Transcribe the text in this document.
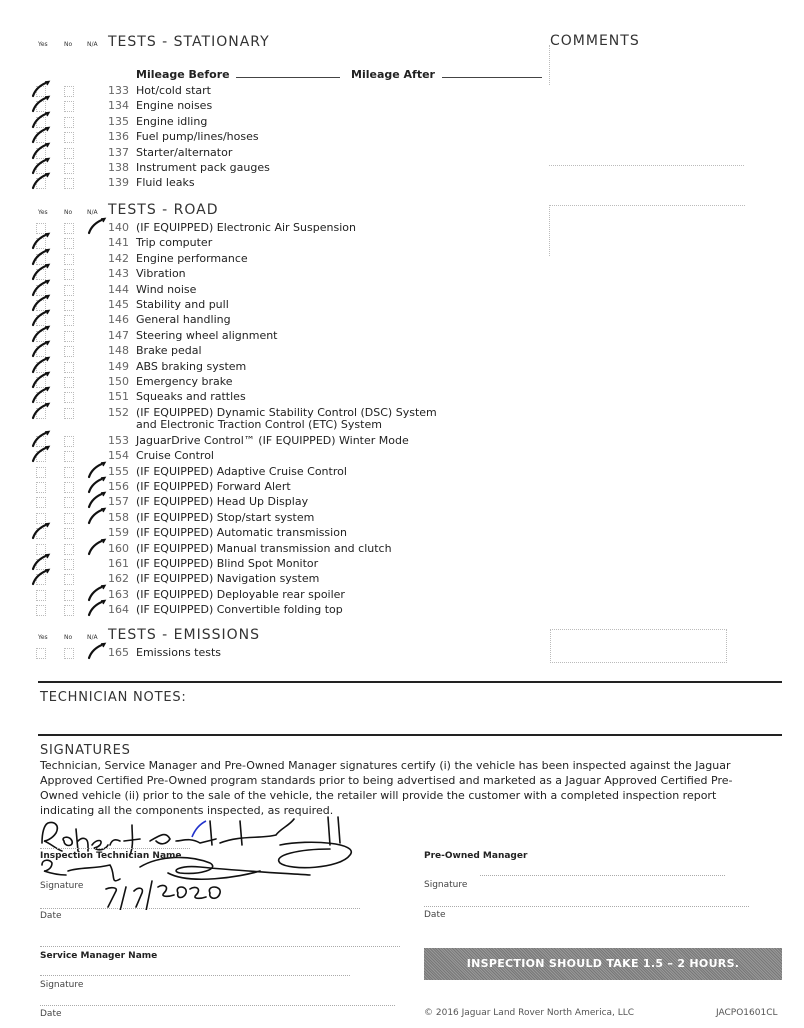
Yes	No N/A TESTS - STATIONARY	COMMENTS
Mileage Before	Mileage After
133 Hot/cold start
134 Engine noises
135 Engine idling
136 Fuel pump/lines/hoses
137 Starter/alternator
138 Instrument pack gauges
139 Fluid leaks
Yes	No N/A TESTS - ROAD
140 (IF EQUIPPED) Electronic Air Suspension
141 Trip computer
142 Engine performance
143 Vibration
144 Wind noise
145 Stability and pull
146 General handling
147 Steering wheel alignment
148 Brake pedal
149 ABS braking system
150 Emergency brake
151 Squeaks and rattles
152 (IF EQUIPPED) Dynamic Stability Control (DSC) System
and Electronic Traction Control (ETC) System
153 JaguarDrive Control™ (IF EQUIPPED) Winter Mode
154 Cruise Control
155 (IF EQUIPPED) Adaptive Cruise Control
156 (IF EQUIPPED) Forward Alert
157 (IF EQUIPPED) Head Up Display
158 (IF EQUIPPED) Stop/start system
159 (IF EQUIPPED) Automatic transmission
160 (IF EQUIPPED) Manual transmission and clutch
161 (IF EQUIPPED) Blind Spot Monitor
162 (IF EQUIPPED) Navigation system
163 (IF EQUIPPED) Deployable rear spoiler
164 (IF EQUIPPED) Convertible folding top
Yes	No N/A TESTS - EMISSIONS
165 Emissions tests
TECHNICIAN NOTES:
SIGNATURES
Technician, Service Manager and Pre-Owned Manager signatures certify (i) the vehicle has been inspected against the Jaguar Approved Certified Pre-Owned program standards prior to being advertised and marketed as a Jaguar Approved Certified Pre-Owned vehicle (ii) prior to the sale of the vehicle, the retailer will provide the customer with a completed inspection report indicating all the components inspected, as required.
Inspection Technician Name
Signature
Date
Pre-Owned Manager
Signature
Date
Service Manager Name
Signature
Date
INSPECTION SHOULD TAKE 1.5 – 2 HOURS.
© 2016 Jaguar Land Rover North America, LLC	JACPO1601CL
